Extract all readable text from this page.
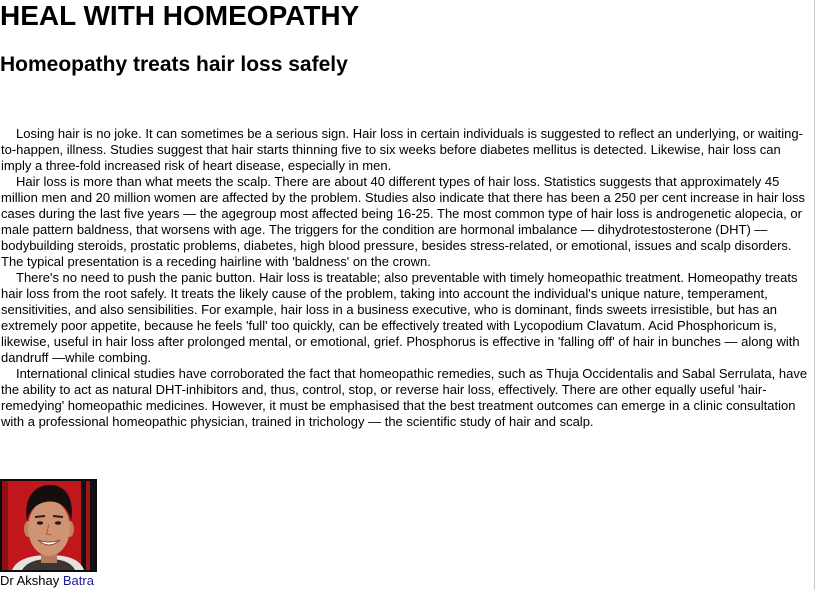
HEAL WITH HOMEOPATHY
Homeopathy treats hair loss safely

Losing hair is no joke. It can sometimes be a serious sign. Hair loss in certain individuals is suggested to reflect an underlying, or waiting-to-happen, illness. Studies suggest that hair starts thinning five to six weeks before diabetes mellitus is detected. Likewise, hair loss can imply a three-fold increased risk of heart disease, especially in men.

Hair loss is more than what meets the scalp. There are about 40 different types of hair loss. Statistics suggests that approximately 45 million men and 20 million women are affected by the problem. Studies also indicate that there has been a 250 per cent increase in hair loss cases during the last five years — the agegroup most affected being 16-25. The most common type of hair loss is androgenetic alopecia, or male pattern baldness, that worsens with age. The triggers for the condition are hormonal imbalance — dihydrotestosterone (DHT) — bodybuilding steroids, prostatic problems, diabetes, high blood pressure, besides stress-related, or emotional, issues and scalp disorders. The typical presentation is a receding hairline with 'baldness' on the crown.

There's no need to push the panic button. Hair loss is treatable; also preventable with timely homeopathic treatment. Homeopathy treats hair loss from the root safely. It treats the likely cause of the problem, taking into account the individual's unique nature, temperament, sensitivities, and also sensibilities. For example, hair loss in a business executive, who is dominant, finds sweets irresistible, but has an extremely poor appetite, because he feels 'full' too quickly, can be effectively treated with Lycopodium Clavatum. Acid Phosphoricum is, likewise, useful in hair loss after prolonged mental, or emotional, grief. Phosphorus is effective in 'falling off' of hair in bunches — along with dandruff —while combing.

International clinical studies have corroborated the fact that homeopathic remedies, such as Thuja Occidentalis and Sabal Serrulata, have the ability to act as natural DHT-inhibitors and, thus, control, stop, or reverse hair loss, effectively. There are other equally useful 'hair-remedying' homeopathic medicines. However, it must be emphasised that the best treatment outcomes can emerge in a clinic consultation with a professional homeopathic physician, trained in trichology — the scientific study of hair and scalp.

Dr Akshay Batra
